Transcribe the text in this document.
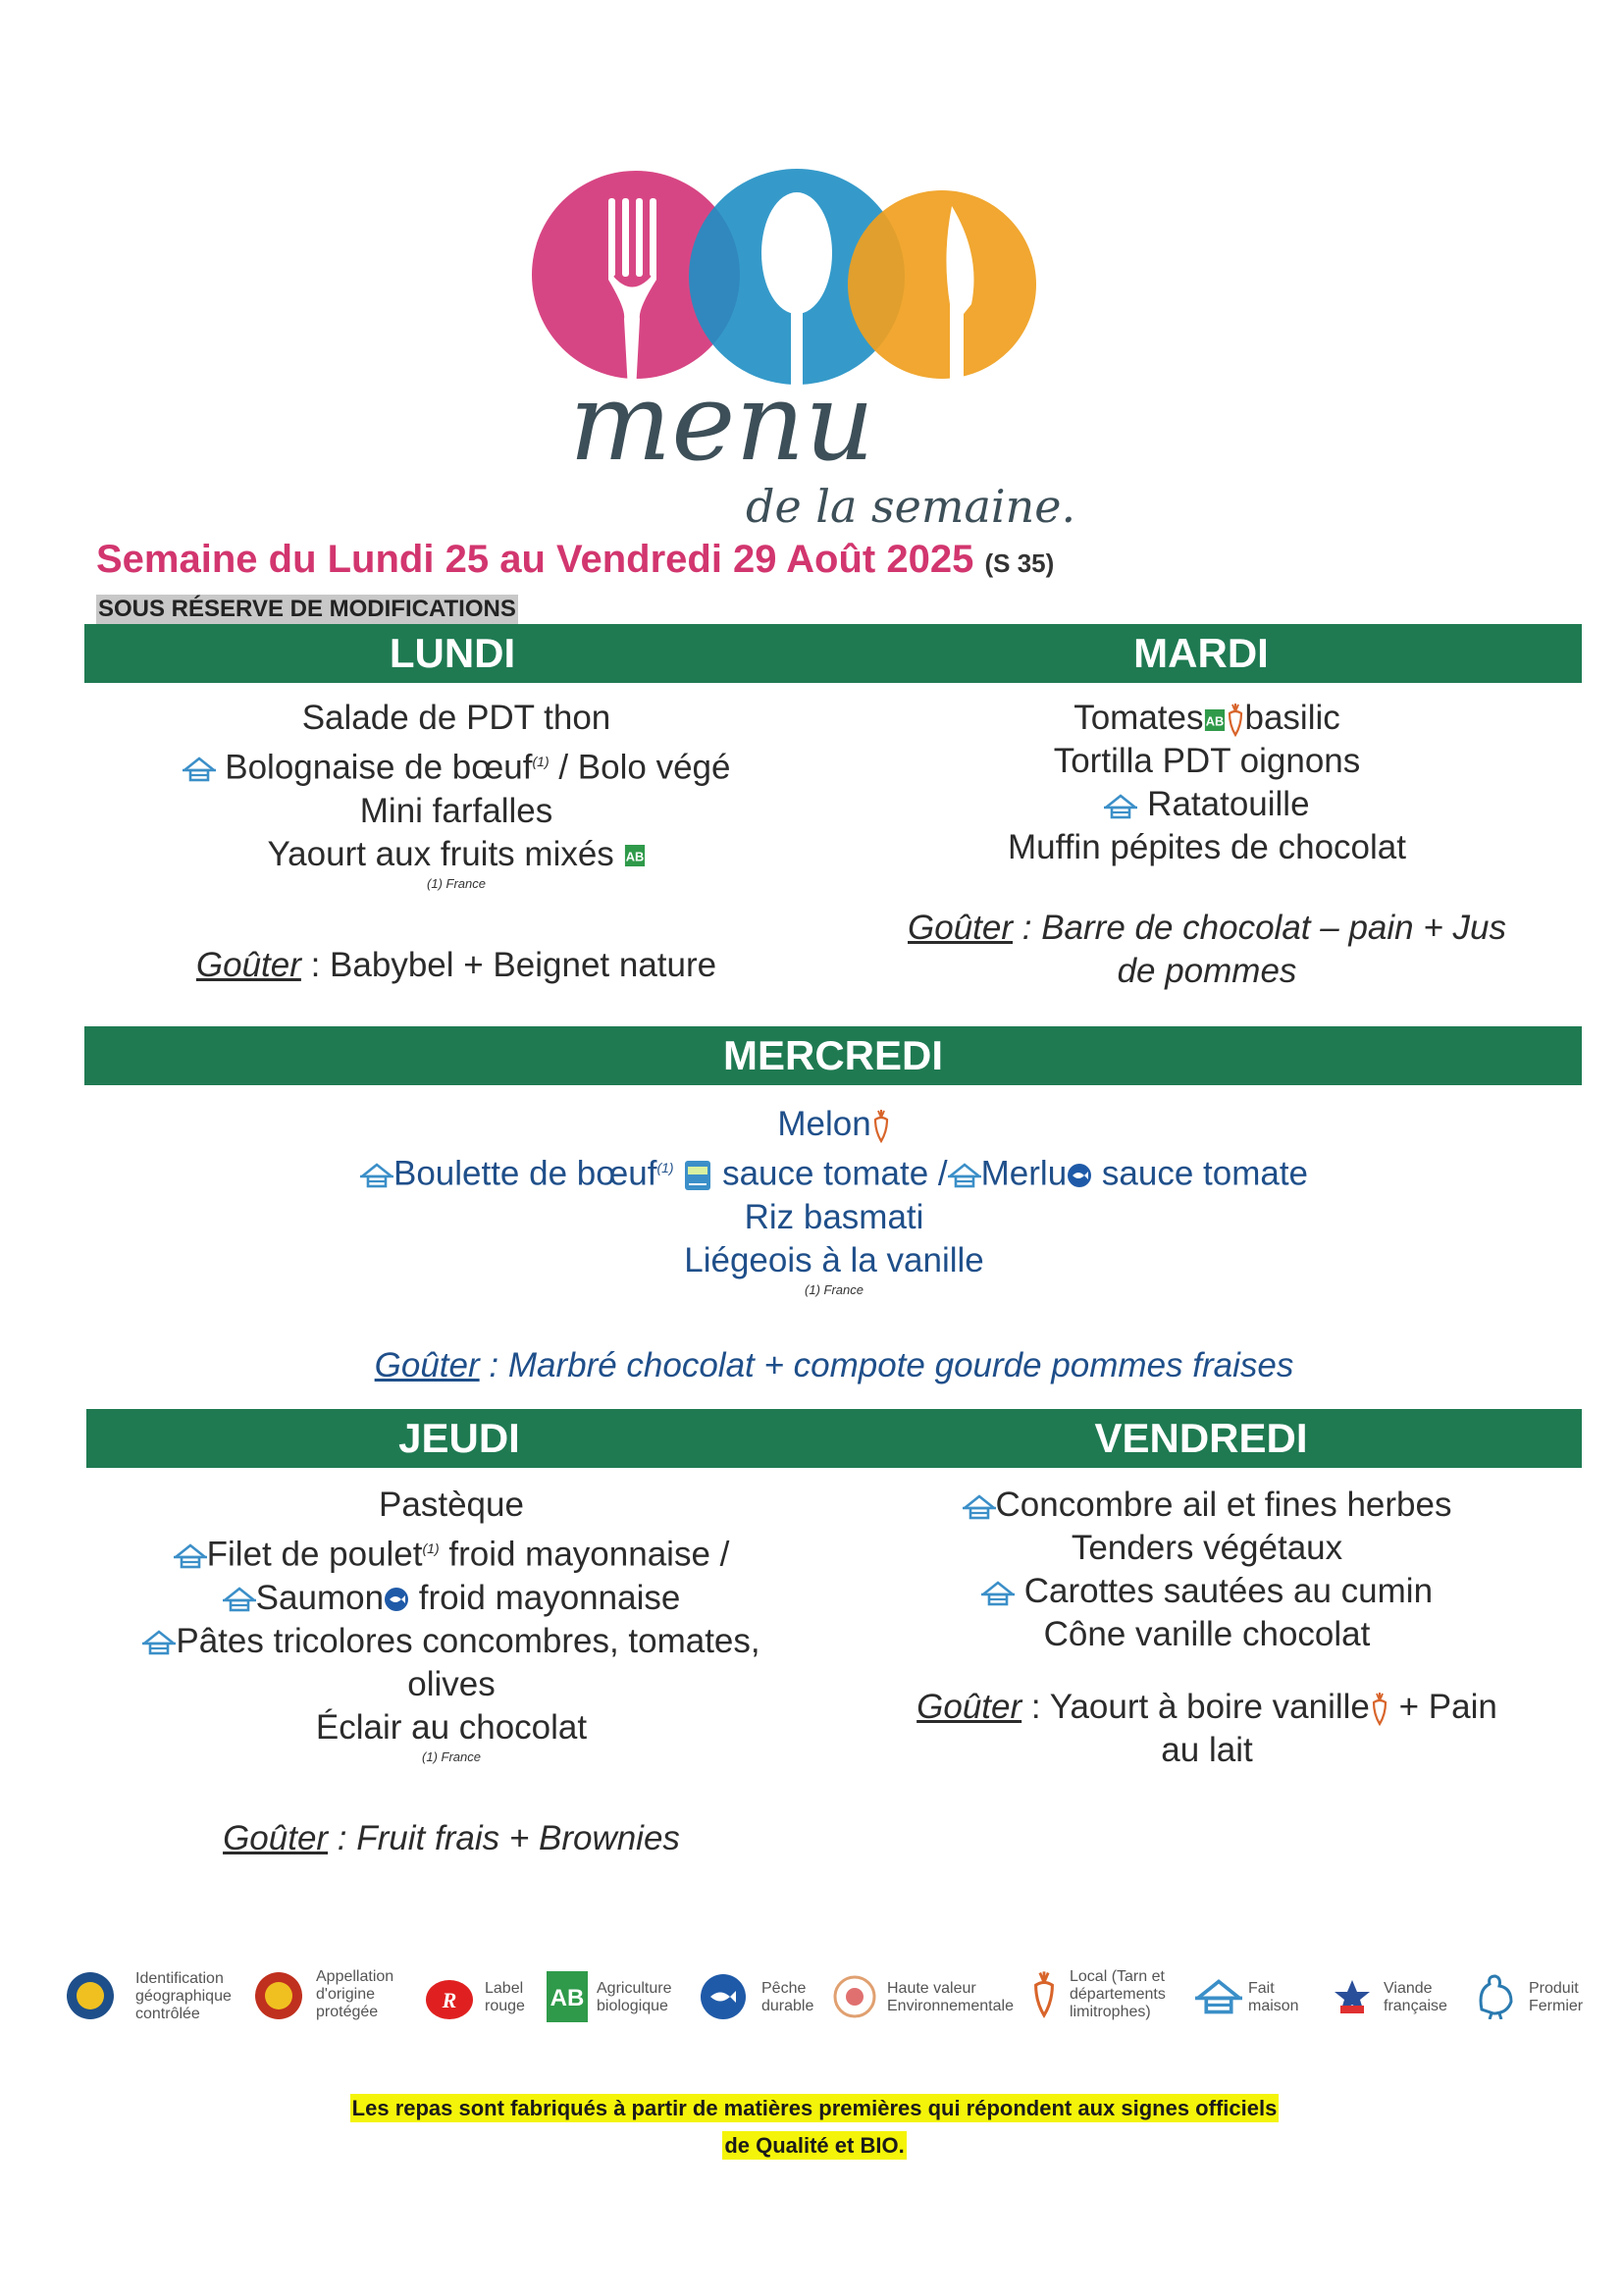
menu
de la semaine.
Semaine du Lundi 25 au Vendredi 29 Août 2025 (S 35)
SOUS RÉSERVE DE MODIFICATIONS
LUNDI	MARDI
Salade de PDT thon
Bolognaise de bœuf$^{(1)}$ / Bolo végé
Mini farfalles
Yaourt aux fruits mixés
(1) France
Goûter : Babybel + Beignet nature
Tomates basilic
Tortilla PDT oignons
Ratatouille
Muffin pépites de chocolat
Goûter : Barre de chocolat – pain + Jus
de pommes
MERCREDI
Melon
Boulette de bœuf$^{(1)}$ sauce tomate / Merlu sauce tomate
Riz basmati
Liégeois à la vanille
(1) France
Goûter : Marbré chocolat + compote gourde pommes fraises
JEUDI	VENDREDI
Pastèque
Filet de poulet$^{(1)}$ froid mayonnaise /
Saumon froid mayonnaise
Pâtes tricolores concombres, tomates,
olives
Éclair au chocolat
(1) France
Goûter : Fruit frais + Brownies
Concombre ail et fines herbes
Tenders végétaux
Carottes sautées au cumin
Cône vanille chocolat
Goûter : Yaourt à boire vanille + Pain
au lait
Identification
géographique
contrôlée
Appellation
d'origine
protégée	R Label
rouge AB Agriculture
biologique
Pêche
durable
Haute valeur
Environnementale
Local (Tarn et
départements
limitrophes)
Fait
maison
Viande
française
Produit
Fermier
Les repas sont fabriqués à partir de matières premières qui répondent aux signes officiels
de Qualité et BIO.
